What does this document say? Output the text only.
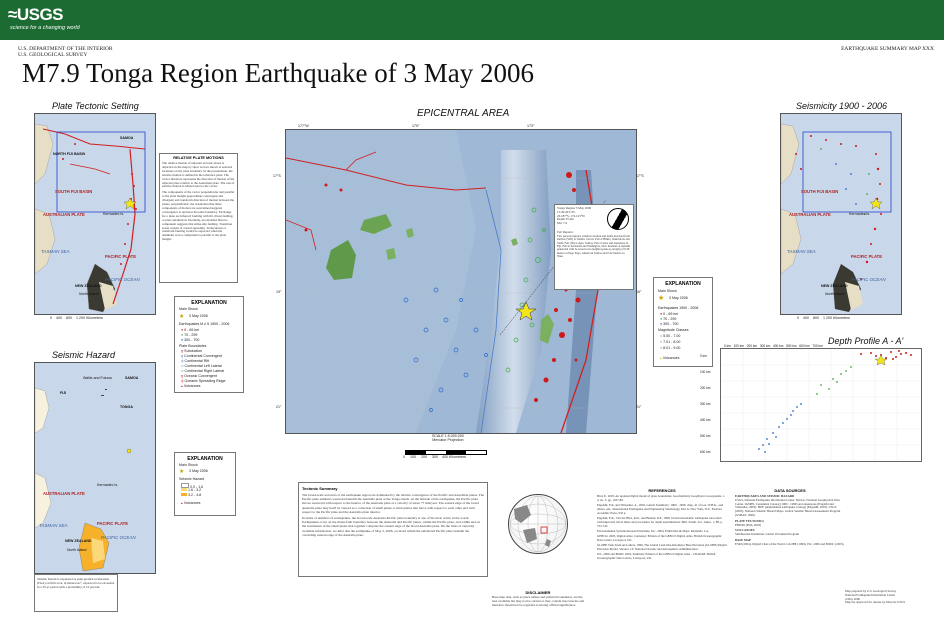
≈USGS
science for a changing world
U.S. DEPARTMENT OF THE INTERIOR
U.S. GEOLOGICAL SURVEY
EARTHQUAKE SUMMARY MAP XXX
M7.9 Tonga Region Earthquake of 3 May 2006
Plate Tectonic Setting
SOUTH FIJI BASIN
AUSTRALIAN PLATE
PACIFIC PLATE
PACIFIC OCEAN
TASMAN SEA
NEW ZEALAND
North Island
Kermadec Is.
NORTH FIJI BASIN
SAMOA
0 400 800 1 200 Kilometers
RELATIVE PLATE MOTIONS
The relative motion of adjacent tectonic plates is depicted on the map by short vectors shown at selected locations on the plate boundary. In the presentation, the relative motion is defined in the reference plate. The vector therefore represents the direction of motion of the adjacent plate relative to the Australian plate. The rate of relative motion is labeled next to the vector.
The components of the vector perpendicular and parallel to the plate margin approximate convergent and divergent and transform direction of motion between the plates, perpendicular; the orientation that these components of motion are ascertained suggests convergence at and near the plate boundary. Exchange for a plate are inferred; faulting with tilt, thrust faulting, or plate subduction. Parallelly, an extended fitted to component suggests that strike-slip faulting. Transition zones consist of crustal spreading. Transcurrent or transform faulting would be expected when the dominant vector component is parallel to the plate margin.
EXPLANATION
Main Shock
★ 3 May 2006
Earthquakes M ≥ 5 1900 - 2006
● 0 - 69 km
● 70 - 299
● 300 - 700
Plate Boundaries
┳ Subduction
┳ Continental Convergent
╪ Continental Rift
═ Continental Left Lateral
═ Continental Right Lateral
┳ Oceanic Convergent
╪ Oceanic Spreading Ridge
▴ Volcanoes
Seismic Hazard
FIJI
TONGA
SAMOA
Wallis and Futuna
AUSTRALIAN PLATE
PACIFIC PLATE
PACIFIC OCEAN
TASMAN SEA
NEW ZEALAND
North Island
Kermadec Is.
Seismic hazard is expressed as peak ground acceleration (PGA) on firm rock, in meters/sec², expected to be exceeded in a 50-yr period with a probability of 10 percent.
EXPLANATION
Main Shock
★ 3 May 2006
Seismic Hazard
0.0 - 1.6
1.6 - 3.2
3.2 - 4.8
▴ Volcanoes
EPICENTRAL AREA
Tonga Region 3 May 2006
15:26:40 UTC
20.187°S, 174.123°W
Depth 55 km
Mw 7.9
Felt Reports:
Two persons injured, windows broken and items knocked from shelves (VIII) at Neiafu, Vava'u. Felt at Hihifo, Nuku'alofa and Vaini. Felt (III) at Apia, Samoa. Felt at Suva and elsewhere in Fiji. Felt in Auckland and Wellington, New Zealand. A tsunami generated with be noted wave heights (peak-to-trough) of 0.30 meters at Pago Pago, American Samoa and 0.42 meters on Niue.
177°W	175°	173°
17°S
19°
21°
17°S
19°
21°
SCALE 1:5,000,000
Mercator Projection
0 100 200 300 400 Kilometers
EXPLANATION
Main Shock
★ 3 May 2006
Earthquakes 1900 - 2006
● 0 - 69 km
● 70 - 299
● 300 - 700
Magnitude Classes
○ 5.00 - 7.00
○ 7.01 - 8.00
○ 8.01 - 9.00
▴ Volcanoes
Seismicity 1900 - 2006
SOUTH FIJI BASIN
AUSTRALIAN PLATE
PACIFIC PLATE
PACIFIC OCEAN
TASMAN SEA
NEW ZEALAND
North Island
Kermadec Is.
0 400 800 1 200 Kilometers
Depth Profile A - A'
0 km
100 km
200 km
300 km
400 km
500 km
600 km
0 km 100 km 200 km 300 km 400 km 500 km 600 km 700 km
Tectonic Summary
The broad-scale tectonics of the earthquake region are dominated by the relative convergence of the Pacific and Australian plates. The Pacific plate subducts westward beneath the Australia plate at the Tonga trench. At the latitude of the earthquake, the Pacific plate moves westward with respect to the interior of the Australia plate at a velocity of about 77 mm/year. The eastern edge of the broad Australia plate may itself be viewed as a collection of small plates or microplates that move with respect to each other and with respect to the Pacific plate and the Australia plate interior.
In terms of numbers of earthquakes, the broad-scale Australia-Pacific plate boundary is one of the most active in the world. Earthquakes occur on the thrust-fault boundary between the Australia and Pacific plates, within the Pacific plate, and within and on the boundaries of the small plates that together comprise the eastern edge of the broad Australia plate. On the basis of currently available information, we infer that the earthquake of May 3, 2006, occurred within the subducted Pacific plate beneath the overriding eastern edge of the Australia plate.
DISCLAIMER
Base map data, such as place names and political boundaries, are the best available but may not be current or may contain inaccuracies and therefore should not be regarded as having official significance.
REFERENCES
Bird, P., 2003, An updated digital model of plate boundaries: Geochemistry Geophysics Geosystems, v. 4, no. 3, pp. 1027-80.
Engdahl, E.R. and Villaseñor, A., 2002, Global Seismicity: 1900 - 1999, chap. 41 of Lee, W.H.K., and others, eds., International Earthquake and Engineering Seismology, Part A: New York, N.Y., Elsevier Academic Press, 932 p.
Engdahl, E.R., Van der Hilst, R.D., and Buland, R.P., 1998, Global teleseismic earthquake relocation with improved travel times and procedures for depth determination: Bull. Seism. Soc. Amer., v. 88, p. 722-743.
Environmental Systems Research Institute, Inc., 2004, ESRI Data & Maps: Redlands, CA.
GEBCO, 2003, Digital Atlas: Centenary Edition of the GEBCO Digital Atlas, British Oceanographic Data Centre, Liverpool, UK.
GLOBE Task Team and others, 1999, The Global Land One-Kilometer Base Elevation (GLOBE) Digital Elevation Model, Version 1.0: National Oceanic and Atmospheric Administration.
ISC, 2006 and BODC 2003, Summary Edition of the GEBCO Digital Atlas - CD-ROM: British Oceanographic Data Centre, Liverpool, UK.
DATA SOURCES
EARTHQUAKES AND SEISMIC HAZARD
USGS, National Earthquake Information Center. NOAA, National Geophysical Data Center. IASPEI, Centennial Catalog (1900 - 1999) and extensions (Engdahl and Villaseñor, 2002). HDF (unpublished earthquake catalog) (Engdahl, 2003). USGS (2003), National Seismic Hazard Maps. Global Seismic Hazard Assessment Program (GSHAP, 1999).
PLATE TECTONICS
PB2002 (Bird, 2003)
VOLCANOES
Smithsonian Institution, Global Volcanism Program
BASE MAP
ESRI (2004), Digital Chart of the World. GLOBE (1999). ISC, 2006 and BODC (2003).
Map prepared by U.S. Geological Survey
National Earthquake Information Center
4 May 2006
Map not approved for release by Director USGS
